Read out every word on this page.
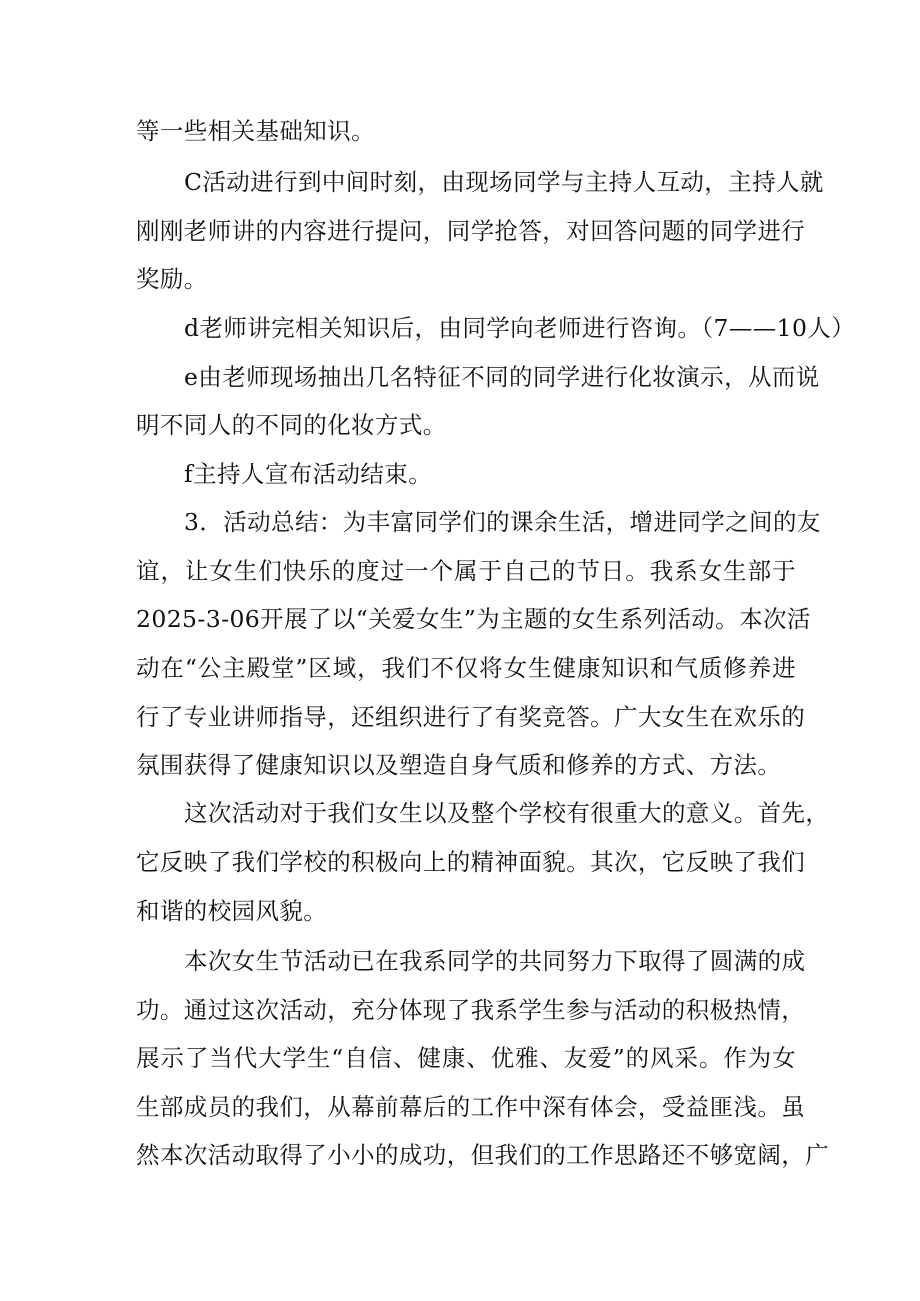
等一些相关基础知识。
C活动进行到中间时刻，由现场同学与主持人互动，主持人就
刚刚老师讲的内容进行提问，同学抢答，对回答问题的同学进行
奖励。
d老师讲完相关知识后，由同学向老师进行咨询。（7——10人）
e由老师现场抽出几名特征不同的同学进行化妆演示，从而说
明不同人的不同的化妆方式。
f主持人宣布活动结束。
3．活动总结：为丰富同学们的课余生活，增进同学之间的友
谊，让女生们快乐的度过一个属于自己的节日。我系女生部于
2025-3-06开展了以“关爱女生”为主题的女生系列活动。本次活
动在“公主殿堂”区域，我们不仅将女生健康知识和气质修养进
行了专业讲师指导，还组织进行了有奖竞答。广大女生在欢乐的
氛围获得了健康知识以及塑造自身气质和修养的方式、方法。
这次活动对于我们女生以及整个学校有很重大的意义。首先，
它反映了我们学校的积极向上的精神面貌。其次，它反映了我们
和谐的校园风貌。
本次女生节活动已在我系同学的共同努力下取得了圆满的成
功。通过这次活动，充分体现了我系学生参与活动的积极热情，
展示了当代大学生“自信、健康、优雅、友爱”的风采。作为女
生部成员的我们，从幕前幕后的工作中深有体会，受益匪浅。虽
然本次活动取得了小小的成功，但我们的工作思路还不够宽阔，广
